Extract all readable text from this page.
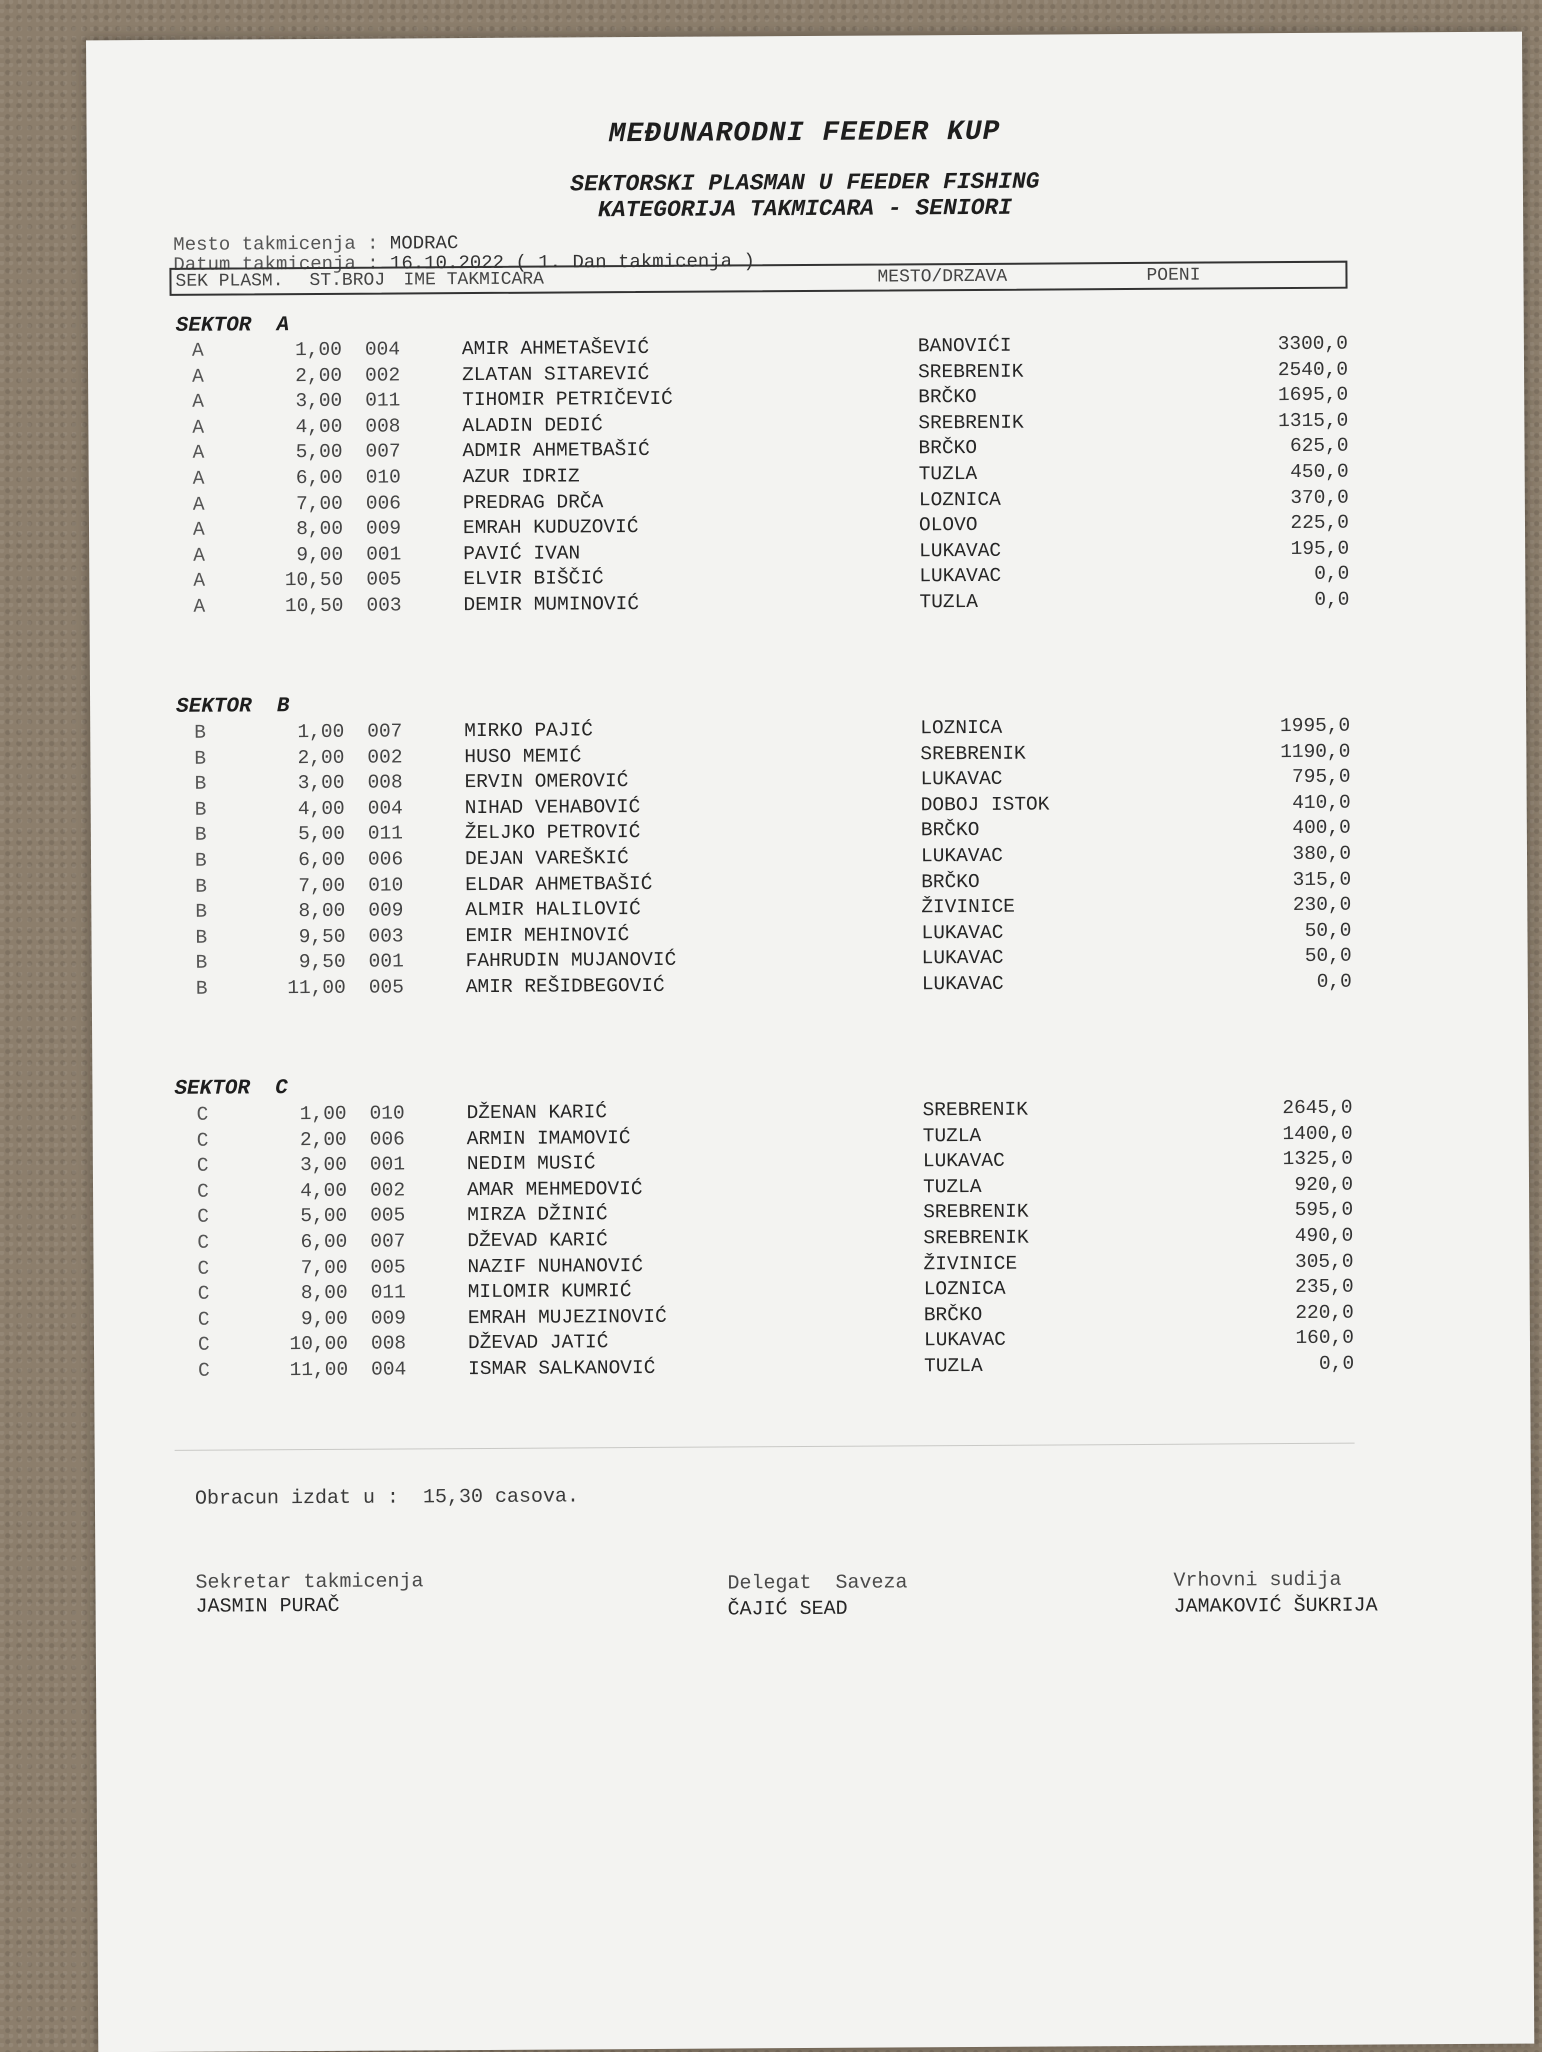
MEĐUNARODNI FEEDER KUP
SEKTORSKI PLASMAN U FEEDER FISHING
KATEGORIJA TAKMICARA - SENIORI
Mesto takmicenja : MODRAC
Datum takmicenja : 16.10.2022 ( 1. Dan takmicenja )
SEK PLASM. ST.BROJ IME TAKMICARA	MESTO/DRZAVA	POENI
SEKTOR  A
A	1,00 004	AMIR AHMETAŠEVIĆ	BANOVIĆI	3300,0
A	2,00 002	ZLATAN SITAREVIĆ	SREBRENIK	2540,0
A	3,00 011	TIHOMIR PETRIČEVIĆ	BRČKO	1695,0
A	4,00 008	ALADIN DEDIĆ	SREBRENIK	1315,0
A	5,00 007	ADMIR AHMETBAŠIĆ	BRČKO	625,0
A	6,00 010	AZUR IDRIZ	TUZLA	450,0
A	7,00 006	PREDRAG DRČA	LOZNICA	370,0
A	8,00 009	EMRAH KUDUZOVIĆ	OLOVO	225,0
A	9,00 001	PAVIĆ IVAN	LUKAVAC	195,0
A	10,50 005	ELVIR BIŠČIĆ	LUKAVAC	0,0
A	10,50 003	DEMIR MUMINOVIĆ	TUZLA	0,0
SEKTOR  B
B	1,00 007	MIRKO PAJIĆ	LOZNICA	1995,0
B	2,00 002	HUSO MEMIĆ	SREBRENIK	1190,0
B	3,00 008	ERVIN OMEROVIĆ	LUKAVAC	795,0
B	4,00 004	NIHAD VEHABOVIĆ	DOBOJ ISTOK	410,0
B	5,00 011	ŽELJKO PETROVIĆ	BRČKO	400,0
B	6,00 006	DEJAN VAREŠKIĆ	LUKAVAC	380,0
B	7,00 010	ELDAR AHMETBAŠIĆ	BRČKO	315,0
B	8,00 009	ALMIR HALILOVIĆ	ŽIVINICE	230,0
B	9,50 003	EMIR MEHINOVIĆ	LUKAVAC	50,0
B	9,50 001	FAHRUDIN MUJANOVIĆ	LUKAVAC	50,0
B	11,00 005	AMIR REŠIDBEGOVIĆ	LUKAVAC	0,0
SEKTOR  C
C	1,00 010	DŽENAN KARIĆ	SREBRENIK	2645,0
C	2,00 006	ARMIN IMAMOVIĆ	TUZLA	1400,0
C	3,00 001	NEDIM MUSIĆ	LUKAVAC	1325,0
C	4,00 002	AMAR MEHMEDOVIĆ	TUZLA	920,0
C	5,00 005	MIRZA DŽINIĆ	SREBRENIK	595,0
C	6,00 007	DŽEVAD KARIĆ	SREBRENIK	490,0
C	7,00 005	NAZIF NUHANOVIĆ	ŽIVINICE	305,0
C	8,00 011	MILOMIR KUMRIĆ	LOZNICA	235,0
C	9,00 009	EMRAH MUJEZINOVIĆ	BRČKO	220,0
C	10,00 008	DŽEVAD JATIĆ	LUKAVAC	160,0
C	11,00 004	ISMAR SALKANOVIĆ	TUZLA	0,0
Obracun izdat u :  15,30 casova.
Sekretar takmicenja
JASMIN PURAČ
Delegat  Saveza
ČAJIĆ SEAD
Vrhovni sudija
JAMAKOVIĆ ŠUKRIJA
